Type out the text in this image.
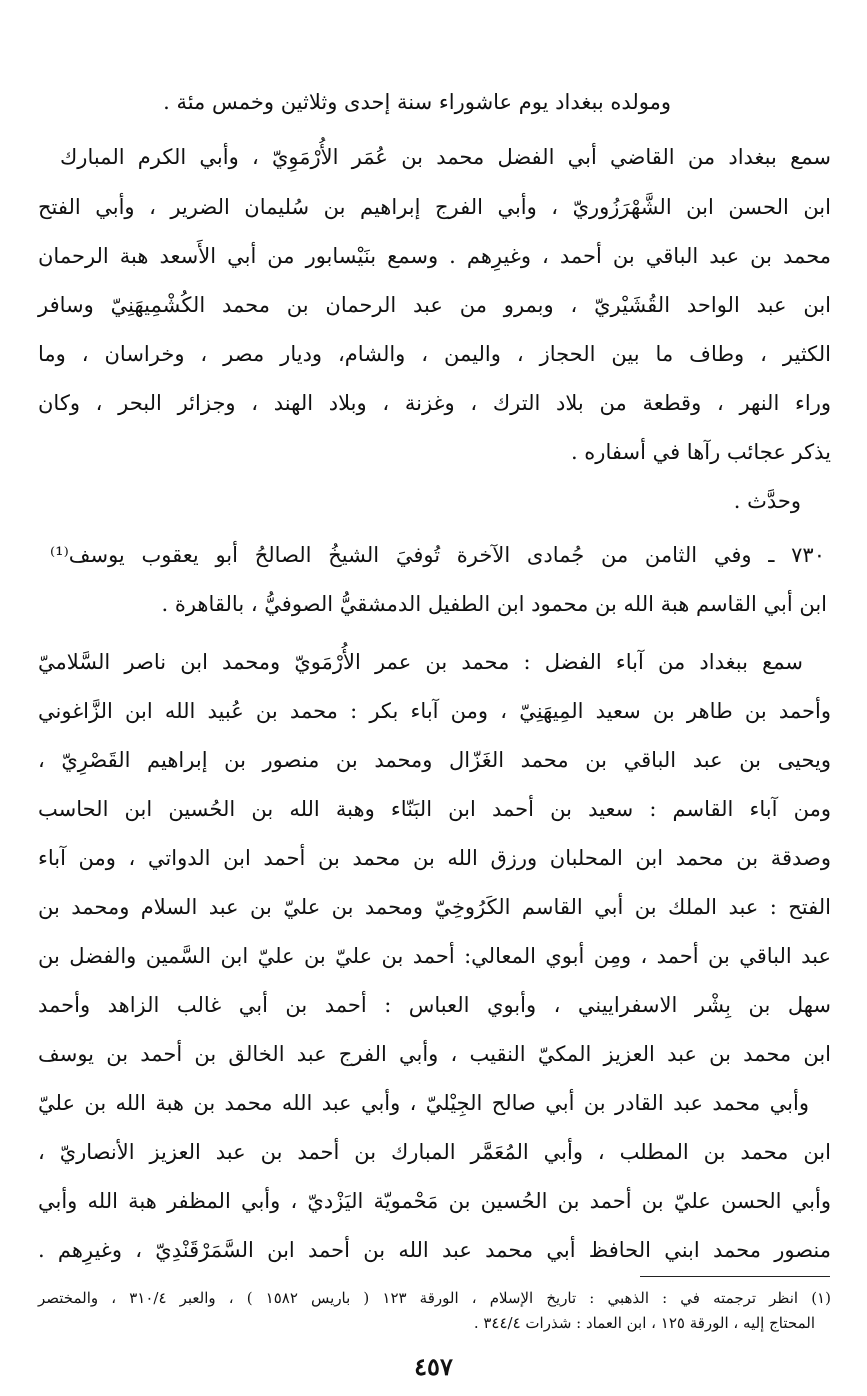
ومولده ببغداد يوم عاشوراء سنة إحدى وثلاثين وخمس مئة .
سمع ببغداد من القاضي أبي الفضل محمد بن عُمَر الأُرْمَوِيّ ، وأبي الكرم المبارك
ابن الحسن ابن الشَّهْرَزُوريّ ، وأبي الفرج إبراهيم بن سُليمان الضرير ، وأبي الفتح
محمد بن عبد الباقي بن أحمد ، وغيرِهم . وسمع بنَيْسابور من أبي الأَسعد هبة الرحمان
ابن عبد الواحد القُشَيْريّ ، وبمرو من عبد الرحمان بن محمد الكُشْمِيهَنِيّ وسافر
الكثير ، وطاف ما بين الحجاز ، واليمن ، والشام، وديار مصر ، وخراسان ، وما
وراء النهر ، وقطعة من بلاد الترك ، وغزنة ، وبلاد الهند ، وجزائر البحر ، وكان
يذكر عجائب رآها في أسفاره .
وحدَّث .
٧٣٠ ـ وفي الثامن من جُمادى الآخرة تُوفيَ الشيخُ الصالحُ أبو يعقوب يوسف⁽¹⁾
ابن أبي القاسم هبة الله بن محمود ابن الطفيل الدمشقيُّ الصوفيُّ ، بالقاهرة .
سمع ببغداد من آباء الفضل : محمد بن عمر الأُرْمَويّ ومحمد ابن ناصر السَّلاميّ
وأحمد بن طاهر بن سعيد المِيهَنِيّ ، ومن آباء بكر : محمد بن عُبيد الله ابن الزَّاغوني
ويحيى بن عبد الباقي بن محمد الغَزّال ومحمد بن منصور بن إبراهيم القَصْرِيّ ،
ومن آباء القاسم : سعيد بن أحمد ابن البَنّاء وهبة الله بن الحُسين ابن الحاسب
وصدقة بن محمد ابن المحلبان ورزق الله بن محمد بن أحمد ابن الدواتي ، ومن آباء
الفتح : عبد الملك بن أبي القاسم الكَرُوخِيّ ومحمد بن عليّ بن عبد السلام ومحمد بن
عبد الباقي بن أحمد ، ومِن أبوي المعالي: أحمد بن عليّ بن عليّ ابن السَّمين والفضل بن
سهل بن بِشْر الاسفراييني ، وأبوي العباس : أحمد بن أبي غالب الزاهد وأحمد
ابن محمد بن عبد العزيز المكيّ النقيب ، وأبي الفرج عبد الخالق بن أحمد بن يوسف
وأبي محمد عبد القادر بن أبي صالح الجِيْليّ ، وأبي عبد الله محمد بن هبة الله بن عليّ
ابن محمد بن المطلب ، وأبي المُعَمَّر المبارك بن أحمد بن عبد العزيز الأنصاريّ ،
وأبي الحسن عليّ بن أحمد بن الحُسين بن مَحْمويّة اليَزْديّ ، وأبي المظفر هبة الله وأبي
منصور محمد ابني الحافظ أبي محمد عبد الله بن أحمد ابن السَّمَرْقَنْدِيّ ، وغيرِهم .
(١) انظر ترجمته في : الذهبي : تاريخ الإسلام ، الورقة ١٢٣ ( باريس ١٥٨٢ ) ، والعبر ٣١٠/٤ ، والمختصر
المحتاج إليه ، الورقة ١٢٥ ، ابن العماد : شذرات ٣٤٤/٤ .
٤٥٧
